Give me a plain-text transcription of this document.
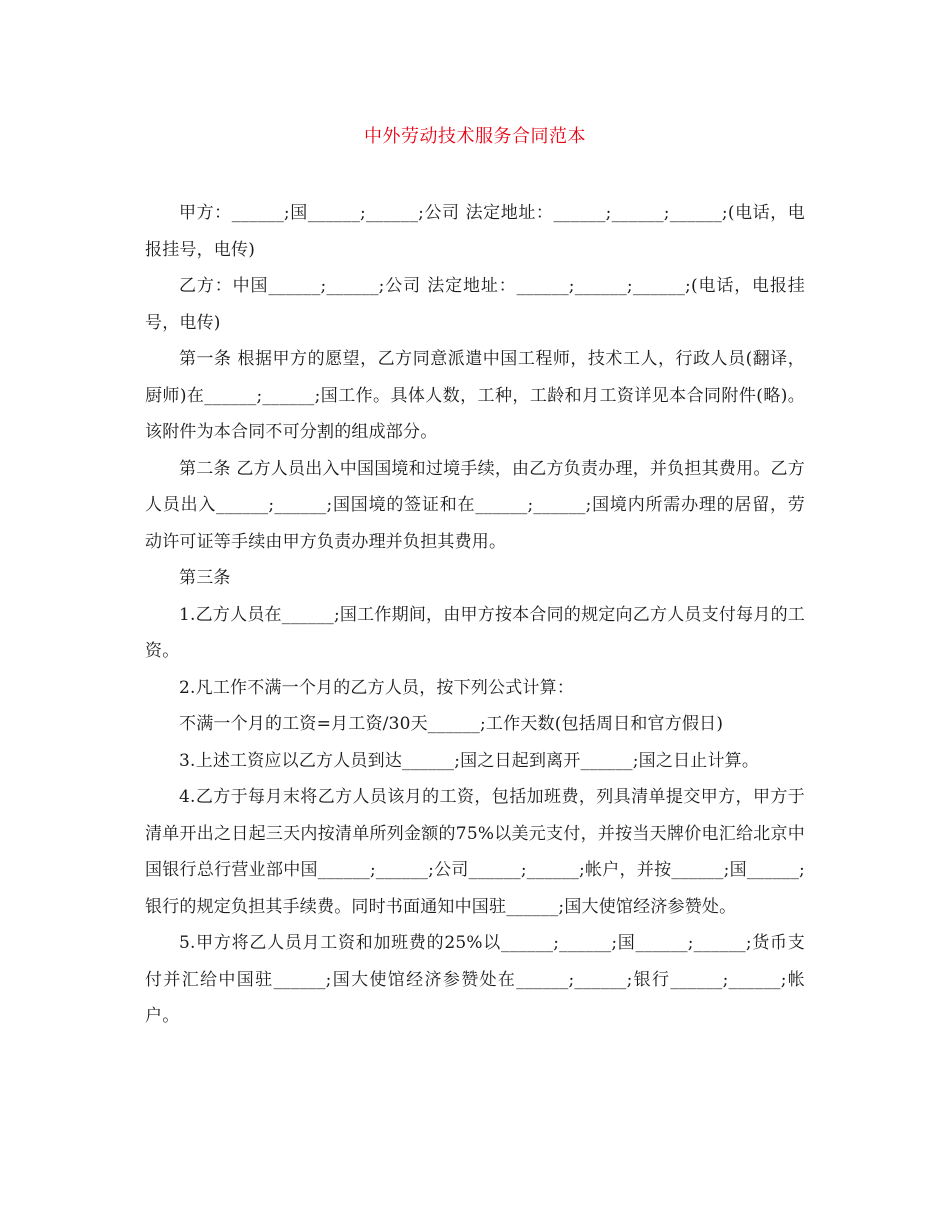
中外劳动技术服务合同范本

甲方：______;国______;______;公司 法定地址：______;______;______;(电话，电报挂号，电传)

乙方：中国______;______;公司 法定地址：______;______;______;(电话，电报挂号，电传)

第一条 根据甲方的愿望，乙方同意派遣中国工程师，技术工人，行政人员(翻译，厨师)在______;______;国工作。具体人数，工种，工龄和月工资详见本合同附件(略)。该附件为本合同不可分割的组成部分。

第二条 乙方人员出入中国国境和过境手续，由乙方负责办理，并负担其费用。乙方人员出入______;______;国国境的签证和在______;______;国境内所需办理的居留，劳动许可证等手续由甲方负责办理并负担其费用。

第三条

1.乙方人员在______;国工作期间，由甲方按本合同的规定向乙方人员支付每月的工资。

2.凡工作不满一个月的乙方人员，按下列公式计算：

不满一个月的工资=月工资/30天______;工作天数(包括周日和官方假日)

3.上述工资应以乙方人员到达______;国之日起到离开______;国之日止计算。

4.乙方于每月末将乙方人员该月的工资，包括加班费，列具清单提交甲方，甲方于清单开出之日起三天内按清单所列金额的75%以美元支付，并按当天牌价电汇给北京中国银行总行营业部中国______;______;公司______;______;帐户，并按______;国______;银行的规定负担其手续费。同时书面通知中国驻______;国大使馆经济参赞处。

5.甲方将乙人员月工资和加班费的25%以______;______;国______;______;货币支付并汇给中国驻______;国大使馆经济参赞处在______;______;银行______;______;帐户。
